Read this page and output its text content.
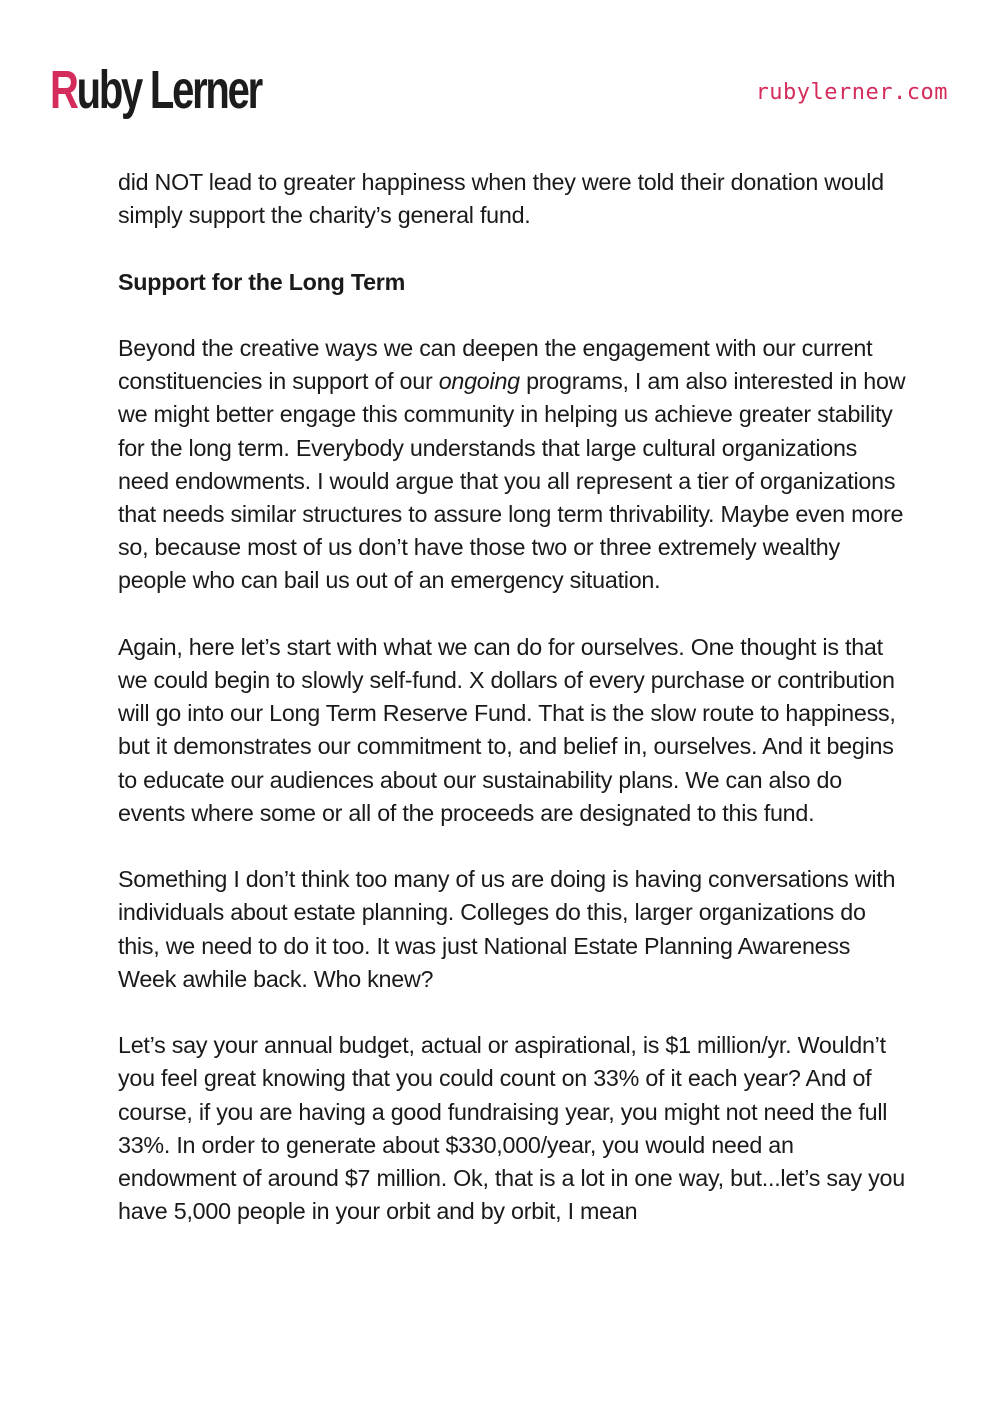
Ruby Lerner	rubylerner.com

did NOT lead to greater happiness when they were told their donation would simply support the charity’s general fund.

Support for the Long Term

Beyond the creative ways we can deepen the engagement with our current constituencies in support of our ongoing programs, I am also interested in how we might better engage this community in helping us achieve greater stability for the long term. Everybody understands that large cultural organizations need endowments. I would argue that you all represent a tier of organizations that needs similar structures to assure long term thrivability. Maybe even more so, because most of us don’t have those two or three extremely wealthy people who can bail us out of an emergency situation.

Again, here let’s start with what we can do for ourselves. One thought is that we could begin to slowly self-fund. X dollars of every purchase or contribution will go into our Long Term Reserve Fund. That is the slow route to happiness, but it demonstrates our commitment to, and belief in, ourselves. And it begins to educate our audiences about our sustainability plans. We can also do events where some or all of the proceeds are designated to this fund.

Something I don’t think too many of us are doing is having conversations with individuals about estate planning. Colleges do this, larger organizations do this, we need to do it too. It was just National Estate Planning Awareness Week awhile back. Who knew?

Let’s say your annual budget, actual or aspirational, is $1 million/yr. Wouldn’t you feel great knowing that you could count on 33% of it each year? And of course, if you are having a good fundraising year, you might not need the full 33%. In order to generate about $330,000/year, you would need an endowment of around $7 million. Ok, that is a lot in one way, but...let’s say you have 5,000 people in your orbit and by orbit, I mean
